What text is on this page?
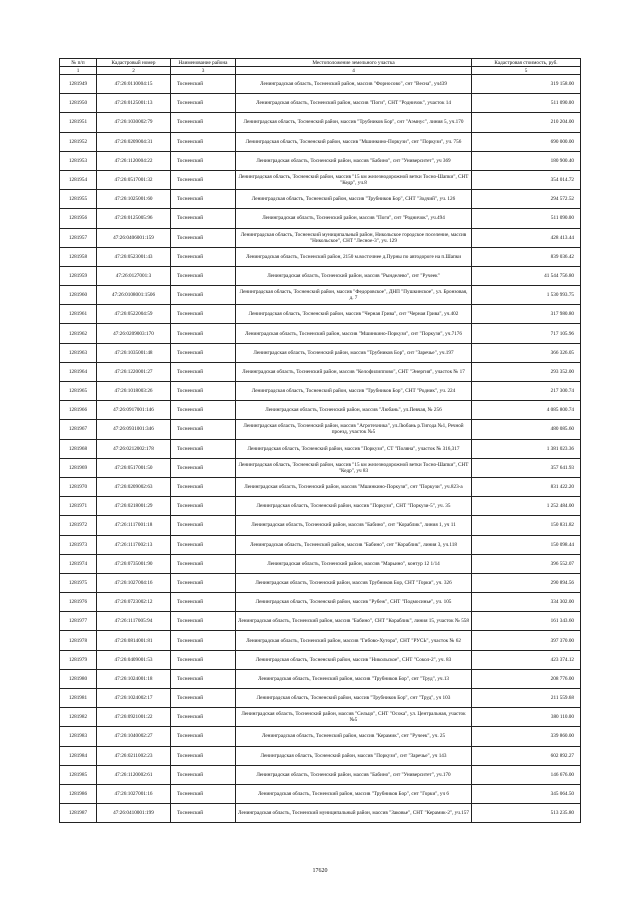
№ п/п	Кадастровый номер	Наименование района	Местоположение земельного участка	Кадастровая стоимость, руб.
1	2	3	4	5
1281949	47:26:0110004:15	Тосненский	Ленинградская область, Тосненский район, массив "Форносово", снт "Весна", уч439	319 158.00
1281950	47:26:0125001:13	Тосненский	Ленинградская область, Тосненский район, массив "Поги", СНТ "Родничок", участок 14	511 090.00
1281951	47:26:1030002:79	Тосненский	Ленинградская область, Тосненский район, массив "Трубников Бор", снт "Аэмнус", линия 5, уч.170	210 204.00
1281952	47:26:0209004:31	Тосненский	Ленинградская область, Тосненский район, массив "Мшинкино-Поркузи", снт "Поркузи", уч. 756	690 000.00
1281953	47:26:1120004:22	Тосненский	Ленинградская область, Тосненский район, массив "Бабино", снт "Университет", уч 369	180 900.40
1281954	47:26:0517001:32	Тосненский	Ленинградская область, Тосненский район, массив "15 км железнодорожной ветки Тосно-Шапки", СНТ "Кедр", уч.8	354 014.72
1281955	47:26:1025001:60	Тосненский	Ленинградская область, Тосненский район, массив "Трубников Бор", СНТ "Зодчий", уч. 126	294 572.52
1281956	47:26:0125005:96	Тосненский	Ленинградская область, Тосненский район, массив "Поги", снт "Родничок", уч.494	511 090.00
1281957	47:26:0406001:159	Тосненский	Ленинградская область, Тосненский муниципальный район, Никольское городское поселение, массив "Никольское", СНТ "Лесное-3", уч. 129	428 413.44
1281958	47:26:0523001:43	Тосненский	Ленинградская область, Тосненский район, 2150 м.восточнее д.Пурны по автодороге на п.Шапки	839 036.42
1281959	47:26:0127001:3	Тосненский	Ленинградская область, Тосненский район, массив "Рынделево", снт "Ручеек"	41 544 756.80
1281960	47:26:0108001:1506	Тосненский	Ленинградская область, Тосненский район, массив "Федоровское", ДНП "Пушкинское", ул. Бронзовая, д. 7	1 530 993.75
1281961	47:26:0522004:59	Тосненский	Ленинградская область, Тосненский район, массив "Черная Грива", снт "Черная Грива", уч.402	317 980.80
1281962	47:26:0209003:170	Тосненский	Ленинградская область, Тосненский район, массив "Мшинкино-Поркузи", снт "Поркузи", уч.7176	717 105.96
1281963	47:26:1035001:48	Тосненский	Ленинградская область, Тосненский район, массив "Трубников Бор", снт "Заречье", уч.197	366 326.05
1281964	47:26:1220001:27	Тосненский	Ленинградская область, Тосненский район, массив "Келофилиппово", СНТ "Энергия", участок № 17	293 352.00
1281965	47:26:1018003:26	Тосненский	Ленинградская область, Тосненский район, массив "Трубников Бор", СНТ "Родник", уч. 224	217 300.74
1281966	47:26:0917001:146	Тосненский	Ленинградская область, Тосненский район, массив "Любань", ул.Певчая, № 256	4 085 800.74
1281967	47:26:0931001:346	Тосненский	Ленинградская область, Тосненский район, массив "Агротехника", ул.Любань р.Тигода №1, Речной проезд, участок №5	480 085.60
1281968	47:26:0212002:178	Тосненский	Ленинградская область, Тосненский район, массив "Поркузи", СТ "Поляна", участок № 316,317	1 381 023.36
1281969	47:26:0517001:50	Тосненский	Ленинградская область, Тосненский район, массив "15 км железнодорожной ветки Тосно-Шапки", СНТ "Кедр", уч 83	357 641.93
1281970	47:26:0209002:63	Тосненский	Ленинградская область, Тосненский район, массив "Мшинкино-Поркузи", снт "Поркузи", уч.823-а	831 422.20
1281971	47:26:0218001:29	Тосненский	Ленинградская область, Тосненский район, массив "Поркузи", СНТ "Поркузи-5", уч. 35	1 252 484.00
1281972	47:26:1117001:18	Тосненский	Ленинградская область, Тосненский район, массив "Бабино", снт "Кораблик", линия 1, уч 11	150 831.82
1281973	47:26:1117002:13	Тосненский	Ленинградская область, Тосненский район, массив "Бабино", снт "Кораблик", линия 3, уч.118	150 098.44
1281974	47:26:0735001:90	Тосненский	Ленинградская область, Тосненский район, массив "Марьино", контур 12 1/14	396 552.07
1281975	47:26:1027004:16	Тосненский	Ленинградская область, Тосненский район, массив Трубников Бор, СНТ "Горки", уч. 326	290 894.56
1281976	47:26:0723002:12	Тосненский	Ленинградская область, Тосненский район, массив "Рубеж", СНТ "Подмосинье", уч. 105	334 302.00
1281977	47:26:1117005:94	Тосненский	Ленинградская область, Тосненский район, массив "Бабино", СНТ "Кораблик", линия 15, участок № 558	161 343.60
1281978	47:26:0814001:81	Тосненский	Ленинградская область, Тосненский район, массив "Гибово-Хутора", СНТ "РУСЬ", участок № 62	397 370.00
1281979	47:26:0409001:53	Тосненский	Ленинградская область, Тосненский район, массив "Никольское", СНТ "Сокол-2", уч. 83	423 374.12
1281980	47:26:1024001:18	Тосненский	Ленинградская область, Тосненский район, массив "Трубников Бор", снт "Труд", уч.13	208 776.00
1281981	47:26:1024002:17	Тосненский	Ленинградская область, Тосненский район, массив "Трубников Бор", снт "Труд", уч 103	211 559.68
1281982	47:26:0921001:22	Тосненский	Ленинградская область, Тосненский район, массив "Сельцо", СНТ "Осока", ул. Центральная, участок №5	380 110.00
1281983	47:26:1040002:27	Тосненский	Ленинградская область, Тосненский район, массив "Керамик", снт "Ручеек", уч. 25	339 860.00
1281984	47:26:0211002:23	Тосненский	Ленинградская область, Тосненский район, массив "Поркузи", снт "Заречье", уч 143	602 892.27
1281985	47:26:1120002:61	Тосненский	Ленинградская область, Тосненский район, массив "Бабино", снт "Университет", уч.170	146 676.00
1281986	47:26:1027001:16	Тосненский	Ленинградская область, Тосненский район, массив "Трубников Бор", снт "Горки", уч 6	345 064.50
1281987	47:26:0410001:199	Тосненский	Ленинградская область, Тосненский муниципальный район, массив "Заковье", СНТ "Керамик-2", уч.157	513 235.80
17620
